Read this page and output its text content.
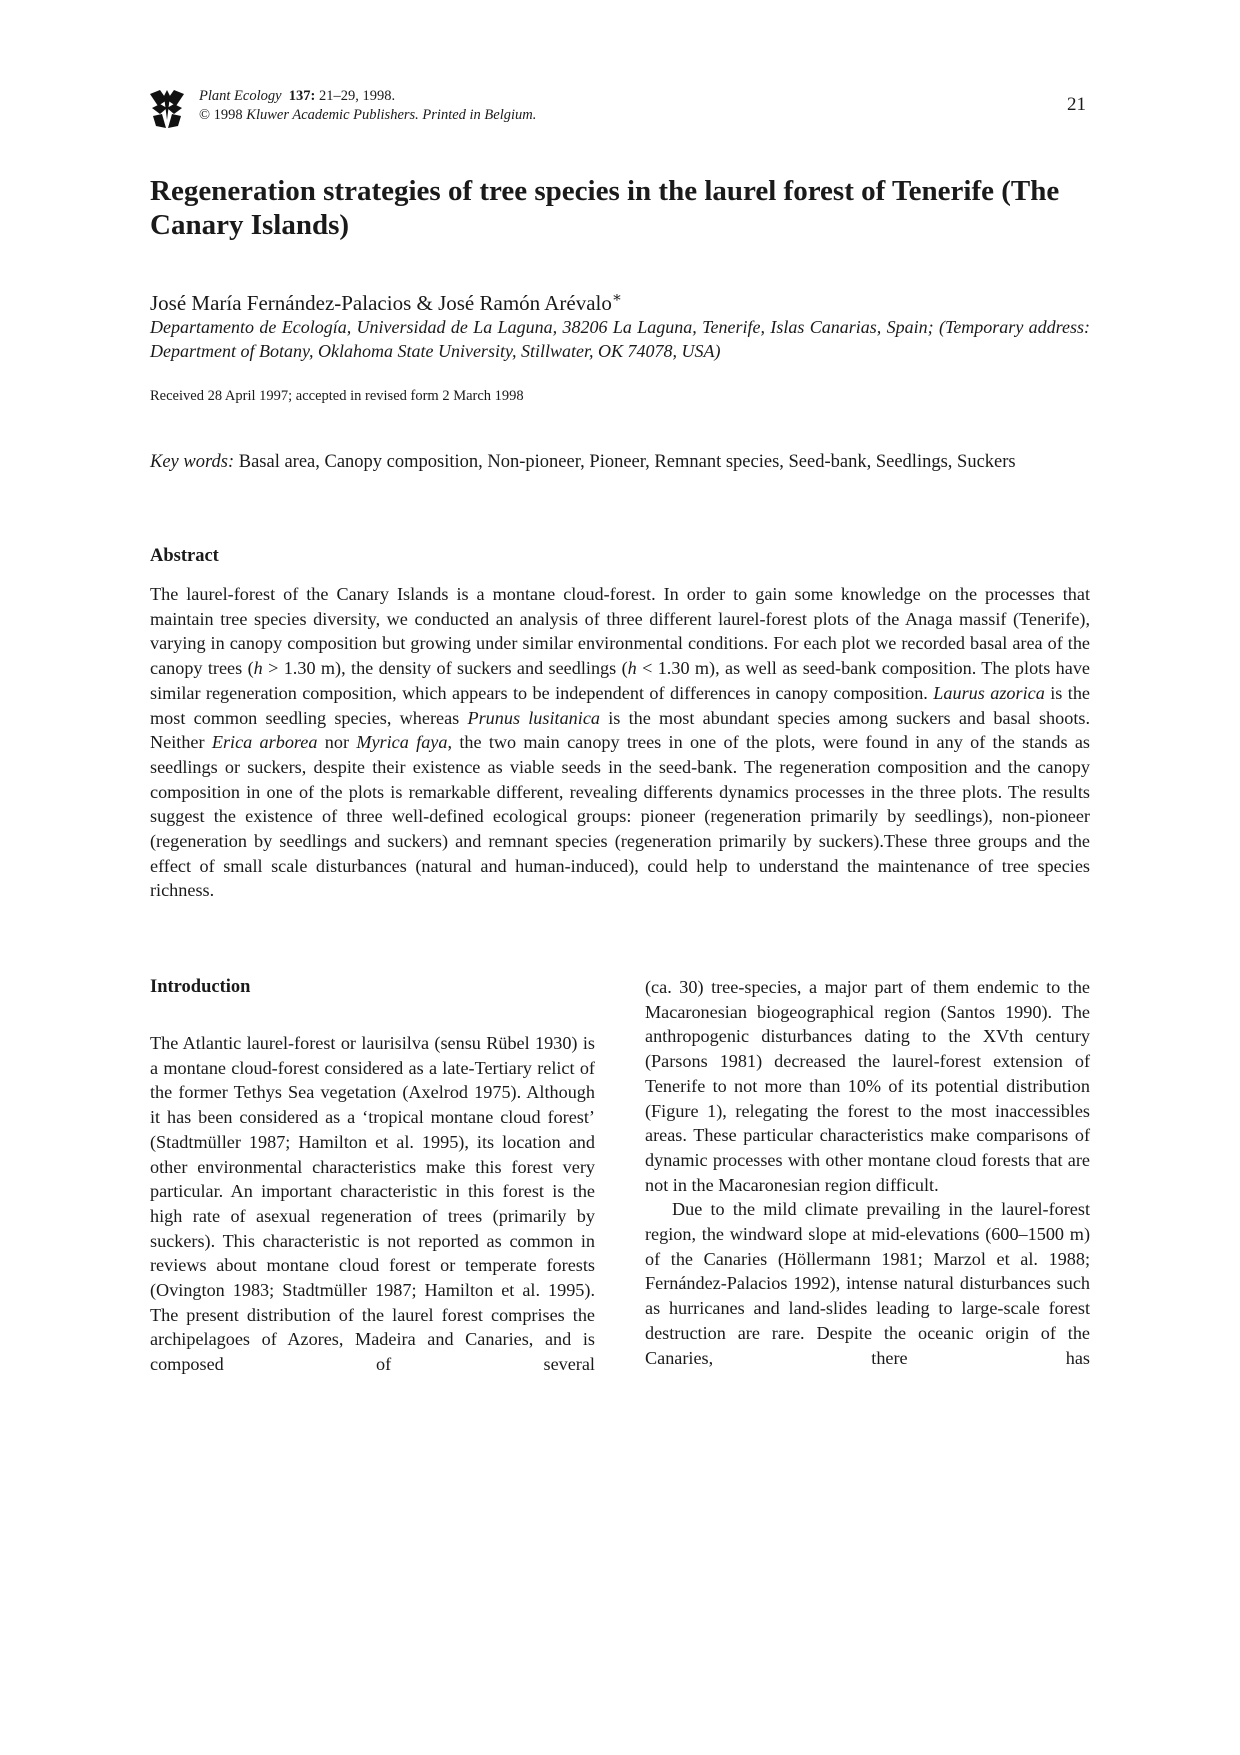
Plant Ecology 137: 21–29, 1998.
© 1998 Kluwer Academic Publishers. Printed in Belgium.	21
Regeneration strategies of tree species in the laurel forest of Tenerife (The Canary Islands)
José María Fernández-Palacios & José Ramón Arévalo∗
Departamento de Ecología, Universidad de La Laguna, 38206 La Laguna, Tenerife, Islas Canarias, Spain; (Temporary address: Department of Botany, Oklahoma State University, Stillwater, OK 74078, USA)
Received 28 April 1997; accepted in revised form 2 March 1998
Key words: Basal area, Canopy composition, Non-pioneer, Pioneer, Remnant species, Seed-bank, Seedlings, Suckers
Abstract

The laurel-forest of the Canary Islands is a montane cloud-forest. In order to gain some knowledge on the processes that maintain tree species diversity, we conducted an analysis of three different laurel-forest plots of the Anaga massif (Tenerife), varying in canopy composition but growing under similar environmental conditions. For each plot we recorded basal area of the canopy trees (h > 1.30 m), the density of suckers and seedlings (h < 1.30 m), as well as seed-bank composition. The plots have similar regeneration composition, which appears to be independent of differences in canopy composition. Laurus azorica is the most common seedling species, whereas Prunus lusitanica is the most abundant species among suckers and basal shoots. Neither Erica arborea nor Myrica faya, the two main canopy trees in one of the plots, were found in any of the stands as seedlings or suckers, despite their existence as viable seeds in the seed-bank. The regeneration composition and the canopy composition in one of the plots is remarkable different, revealing differents dynamics processes in the three plots. The results suggest the existence of three well-defined ecological groups: pioneer (regeneration primarily by seedlings), non-pioneer (regeneration by seedlings and suckers) and remnant species (regeneration primarily by suckers).These three groups and the effect of small scale disturbances (natural and human-induced), could help to understand the maintenance of tree species richness.

Introduction

The Atlantic laurel-forest or laurisilva (sensu Rübel 1930) is a montane cloud-forest considered as a late-Tertiary relict of the former Tethys Sea vegetation (Axelrod 1975). Although it has been considered as a ‘tropical montane cloud forest’ (Stadtmüller 1987; Hamilton et al. 1995), its location and other environmental characteristics make this forest very particular. An important characteristic in this forest is the high rate of asexual regeneration of trees (primarily by suckers). This characteristic is not reported as common in reviews about montane cloud forest or temperate forests (Ovington 1983; Stadtmüller 1987; Hamilton et al. 1995). The present distribution of the laurel forest comprises the archipelagoes of Azores, Madeira and Canaries, and is composed of several

(ca. 30) tree-species, a major part of them endemic to the Macaronesian biogeographical region (Santos 1990). The anthropogenic disturbances dating to the XVth century (Parsons 1981) decreased the laurel-forest extension of Tenerife to not more than 10% of its potential distribution (Figure 1), relegating the forest to the most inaccessibles areas. These particular characteristics make comparisons of dynamic processes with other montane cloud forests that are not in the Macaronesian region difficult.

Due to the mild climate prevailing in the laurel-forest region, the windward slope at mid-elevations (600–1500 m) of the Canaries (Höllermann 1981; Marzol et al. 1988; Fernández-Palacios 1992), intense natural disturbances such as hurricanes and land-slides leading to large-scale forest destruction are rare. Despite the oceanic origin of the Canaries, there has
